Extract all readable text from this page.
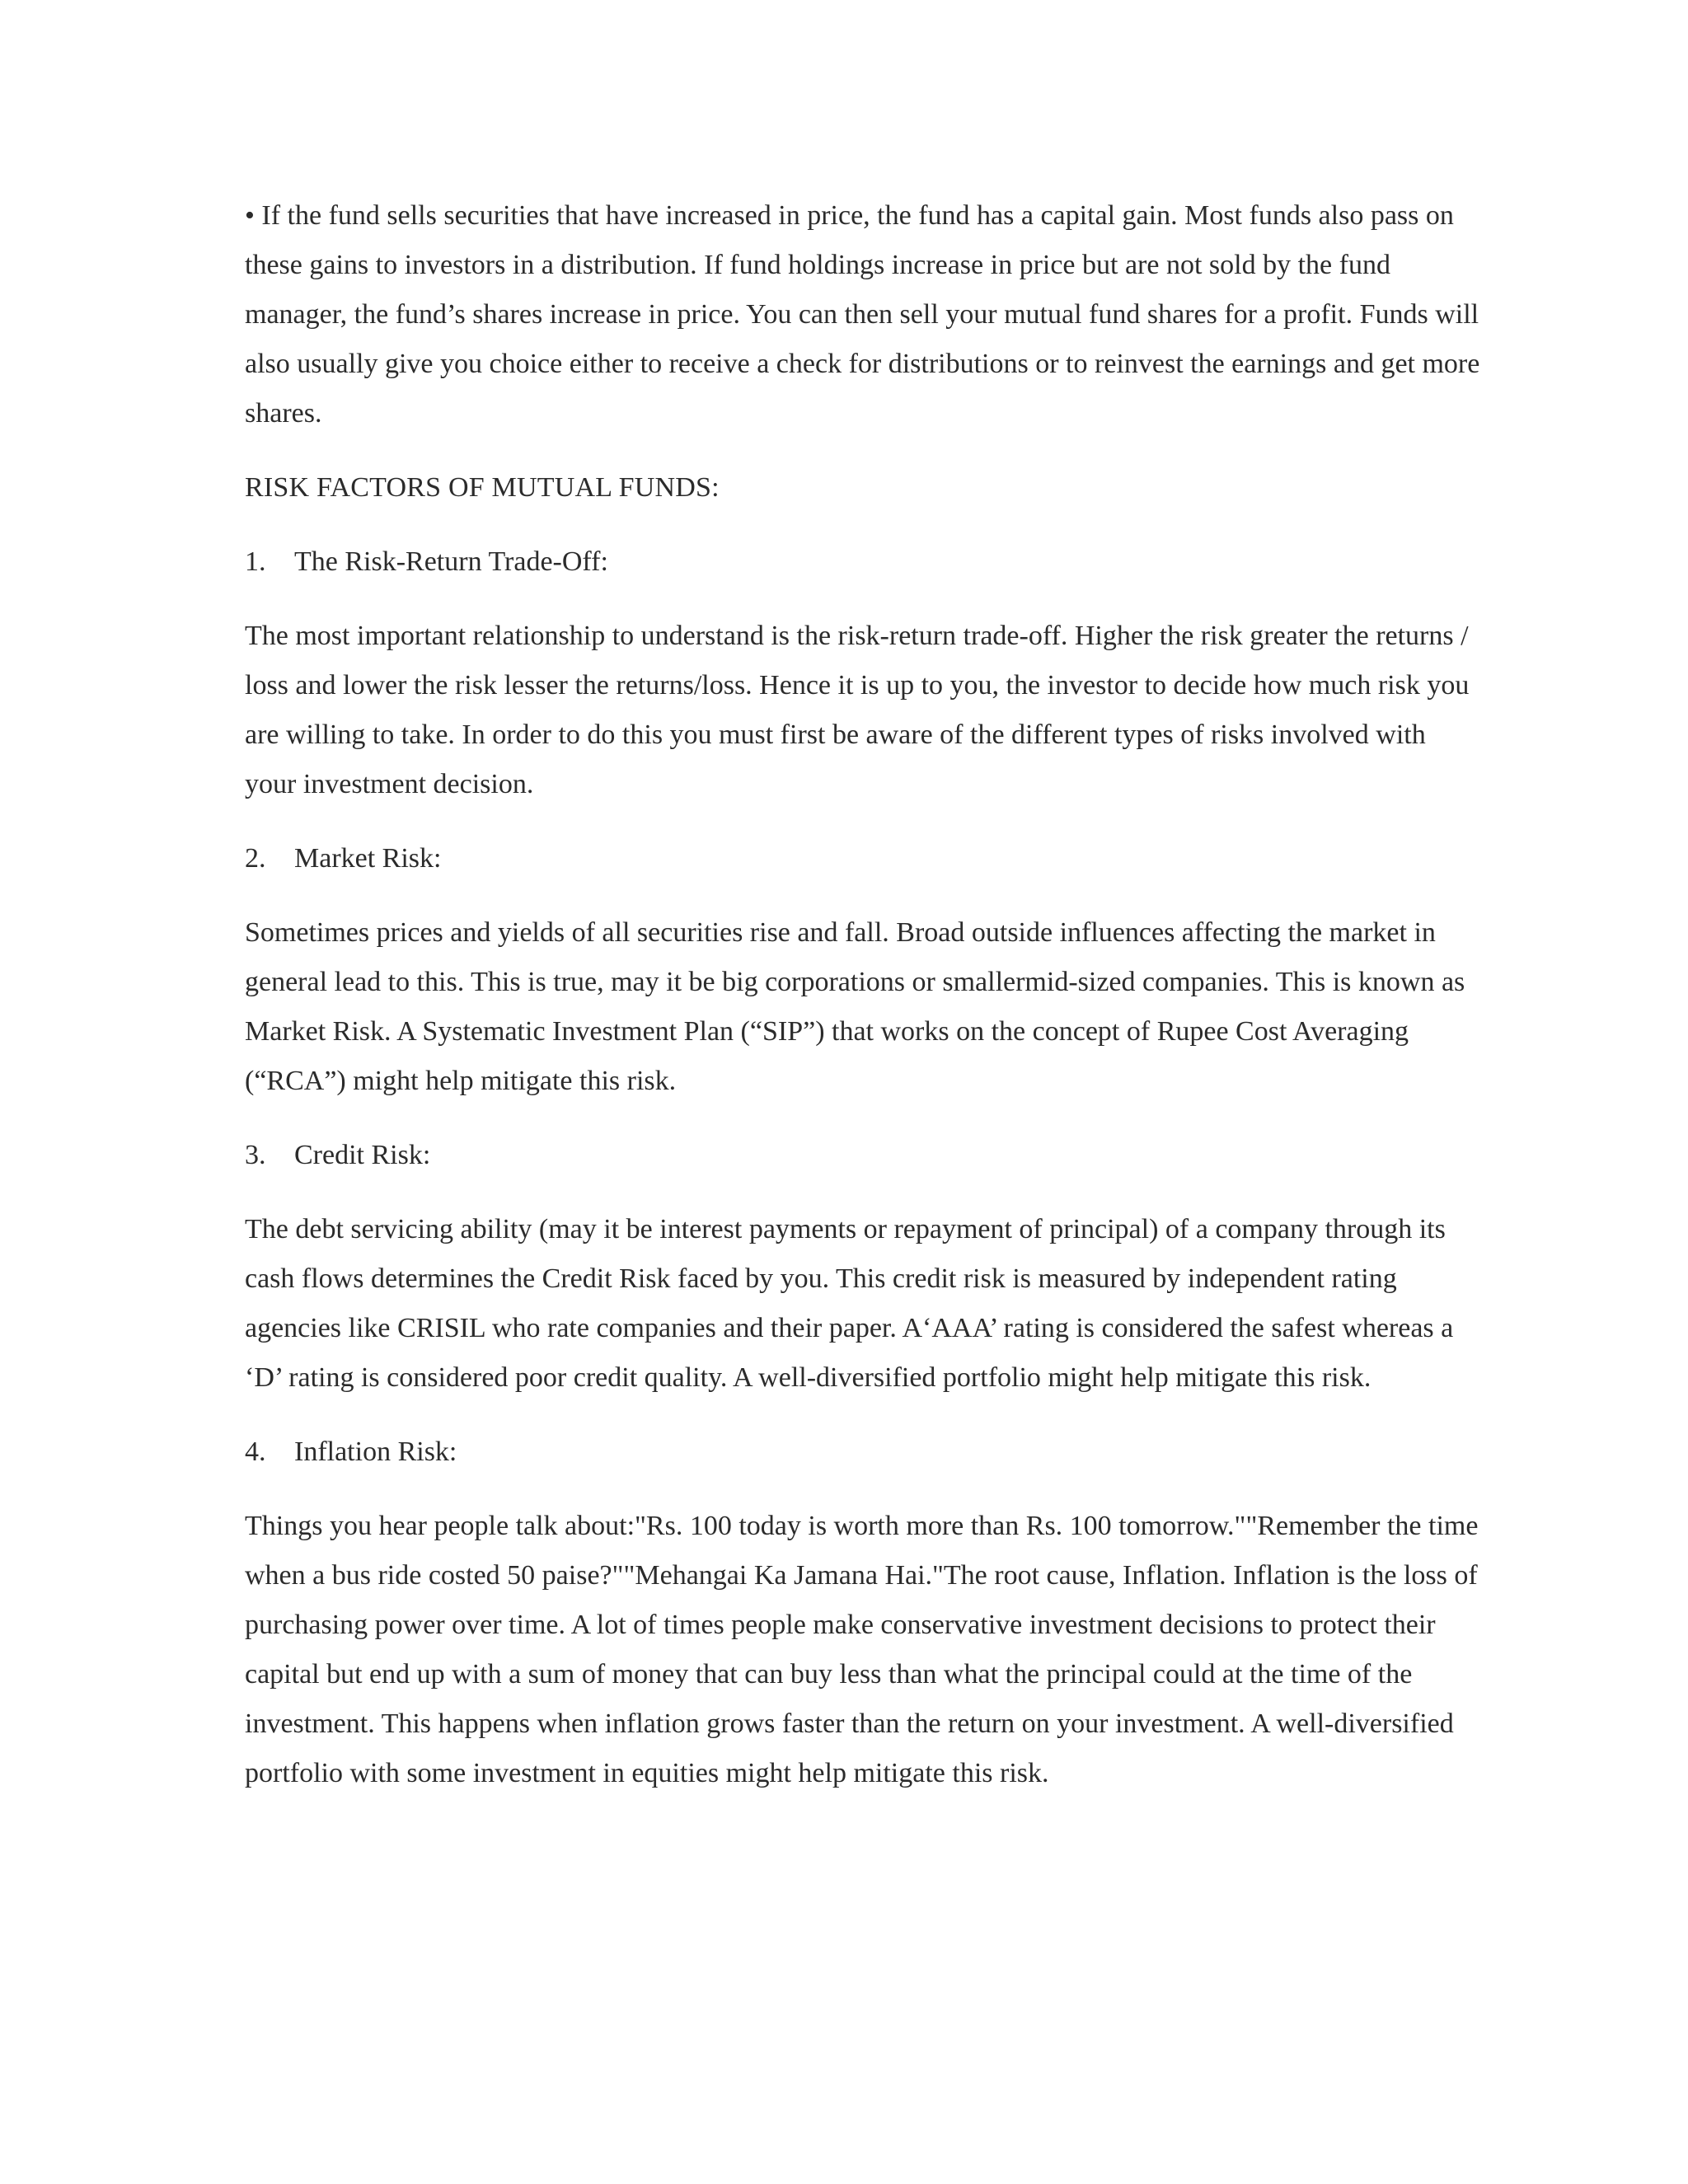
• If the fund sells securities that have increased in price, the fund has a capital gain. Most funds also pass on these gains to investors in a distribution. If fund holdings increase in price but are not sold by the fund manager, the fund’s shares increase in price. You can then sell your mutual fund shares for a profit. Funds will also usually give you choice either to receive a check for distributions or to reinvest the earnings and get more shares.

RISK FACTORS OF MUTUAL FUNDS:

1.	The Risk-Return Trade-Off:

The most important relationship to understand is the risk-return trade-off. Higher the risk greater the returns / loss and lower the risk lesser the returns/loss. Hence it is up to you, the investor to decide how much risk you are willing to take. In order to do this you must first be aware of the different types of risks involved with your investment decision.

2.	Market Risk:

Sometimes prices and yields of all securities rise and fall. Broad outside influences affecting the market in general lead to this. This is true, may it be big corporations or smallermid-sized companies. This is known as Market Risk. A Systematic Investment Plan (“SIP”) that works on the concept of Rupee Cost Averaging (“RCA”) might help mitigate this risk.

3.	Credit Risk:

The debt servicing ability (may it be interest payments or repayment of principal) of a company through its cash flows determines the Credit Risk faced by you. This credit risk is measured by independent rating agencies like CRISIL who rate companies and their paper. A‘AAA’ rating is considered the safest whereas a ‘D’ rating is considered poor credit quality. A well-diversified portfolio might help mitigate this risk.

4.	Inflation Risk:

Things you hear people talk about:"Rs. 100 today is worth more than Rs. 100 tomorrow.""Remember the time when a bus ride costed 50 paise?""Mehangai Ka Jamana Hai."The root cause, Inflation. Inflation is the loss of purchasing power over time. A lot of times people make conservative investment decisions to protect their capital but end up with a sum of money that can buy less than what the principal could at the time of the investment. This happens when inflation grows faster than the return on your investment. A well-diversified portfolio with some investment in equities might help mitigate this risk.
